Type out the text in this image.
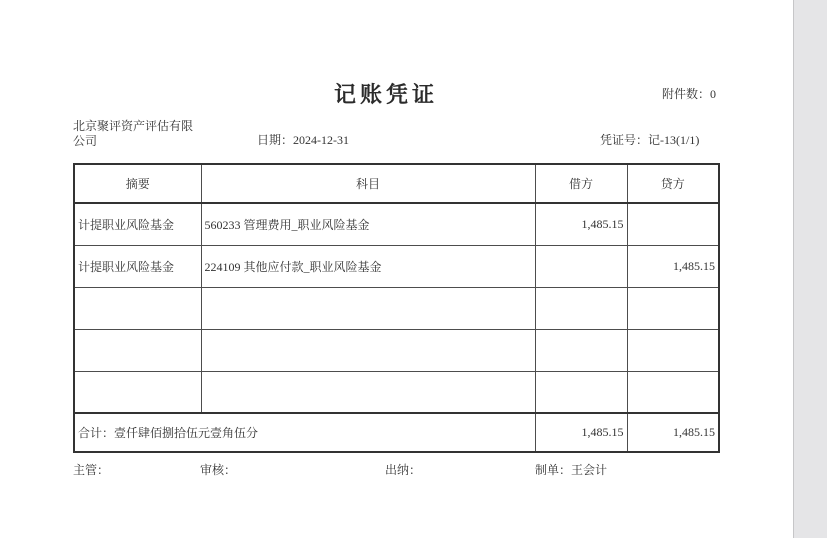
记账凭证	附件数：0
北京聚评资产评估有限公司	日期：2024-12-31	凭证号：记-13(1/1)
摘要	科目	借方	贷方
计提职业风险基金	560233 管理费用_职业风险基金	1,485.15	
计提职业风险基金	224109 其他应付款_职业风险基金		1,485.15

合计：壹仟肆佰捌拾伍元壹角伍分		1,485.15	1,485.15
主管：	审核：	出纳：	制单：王会计
